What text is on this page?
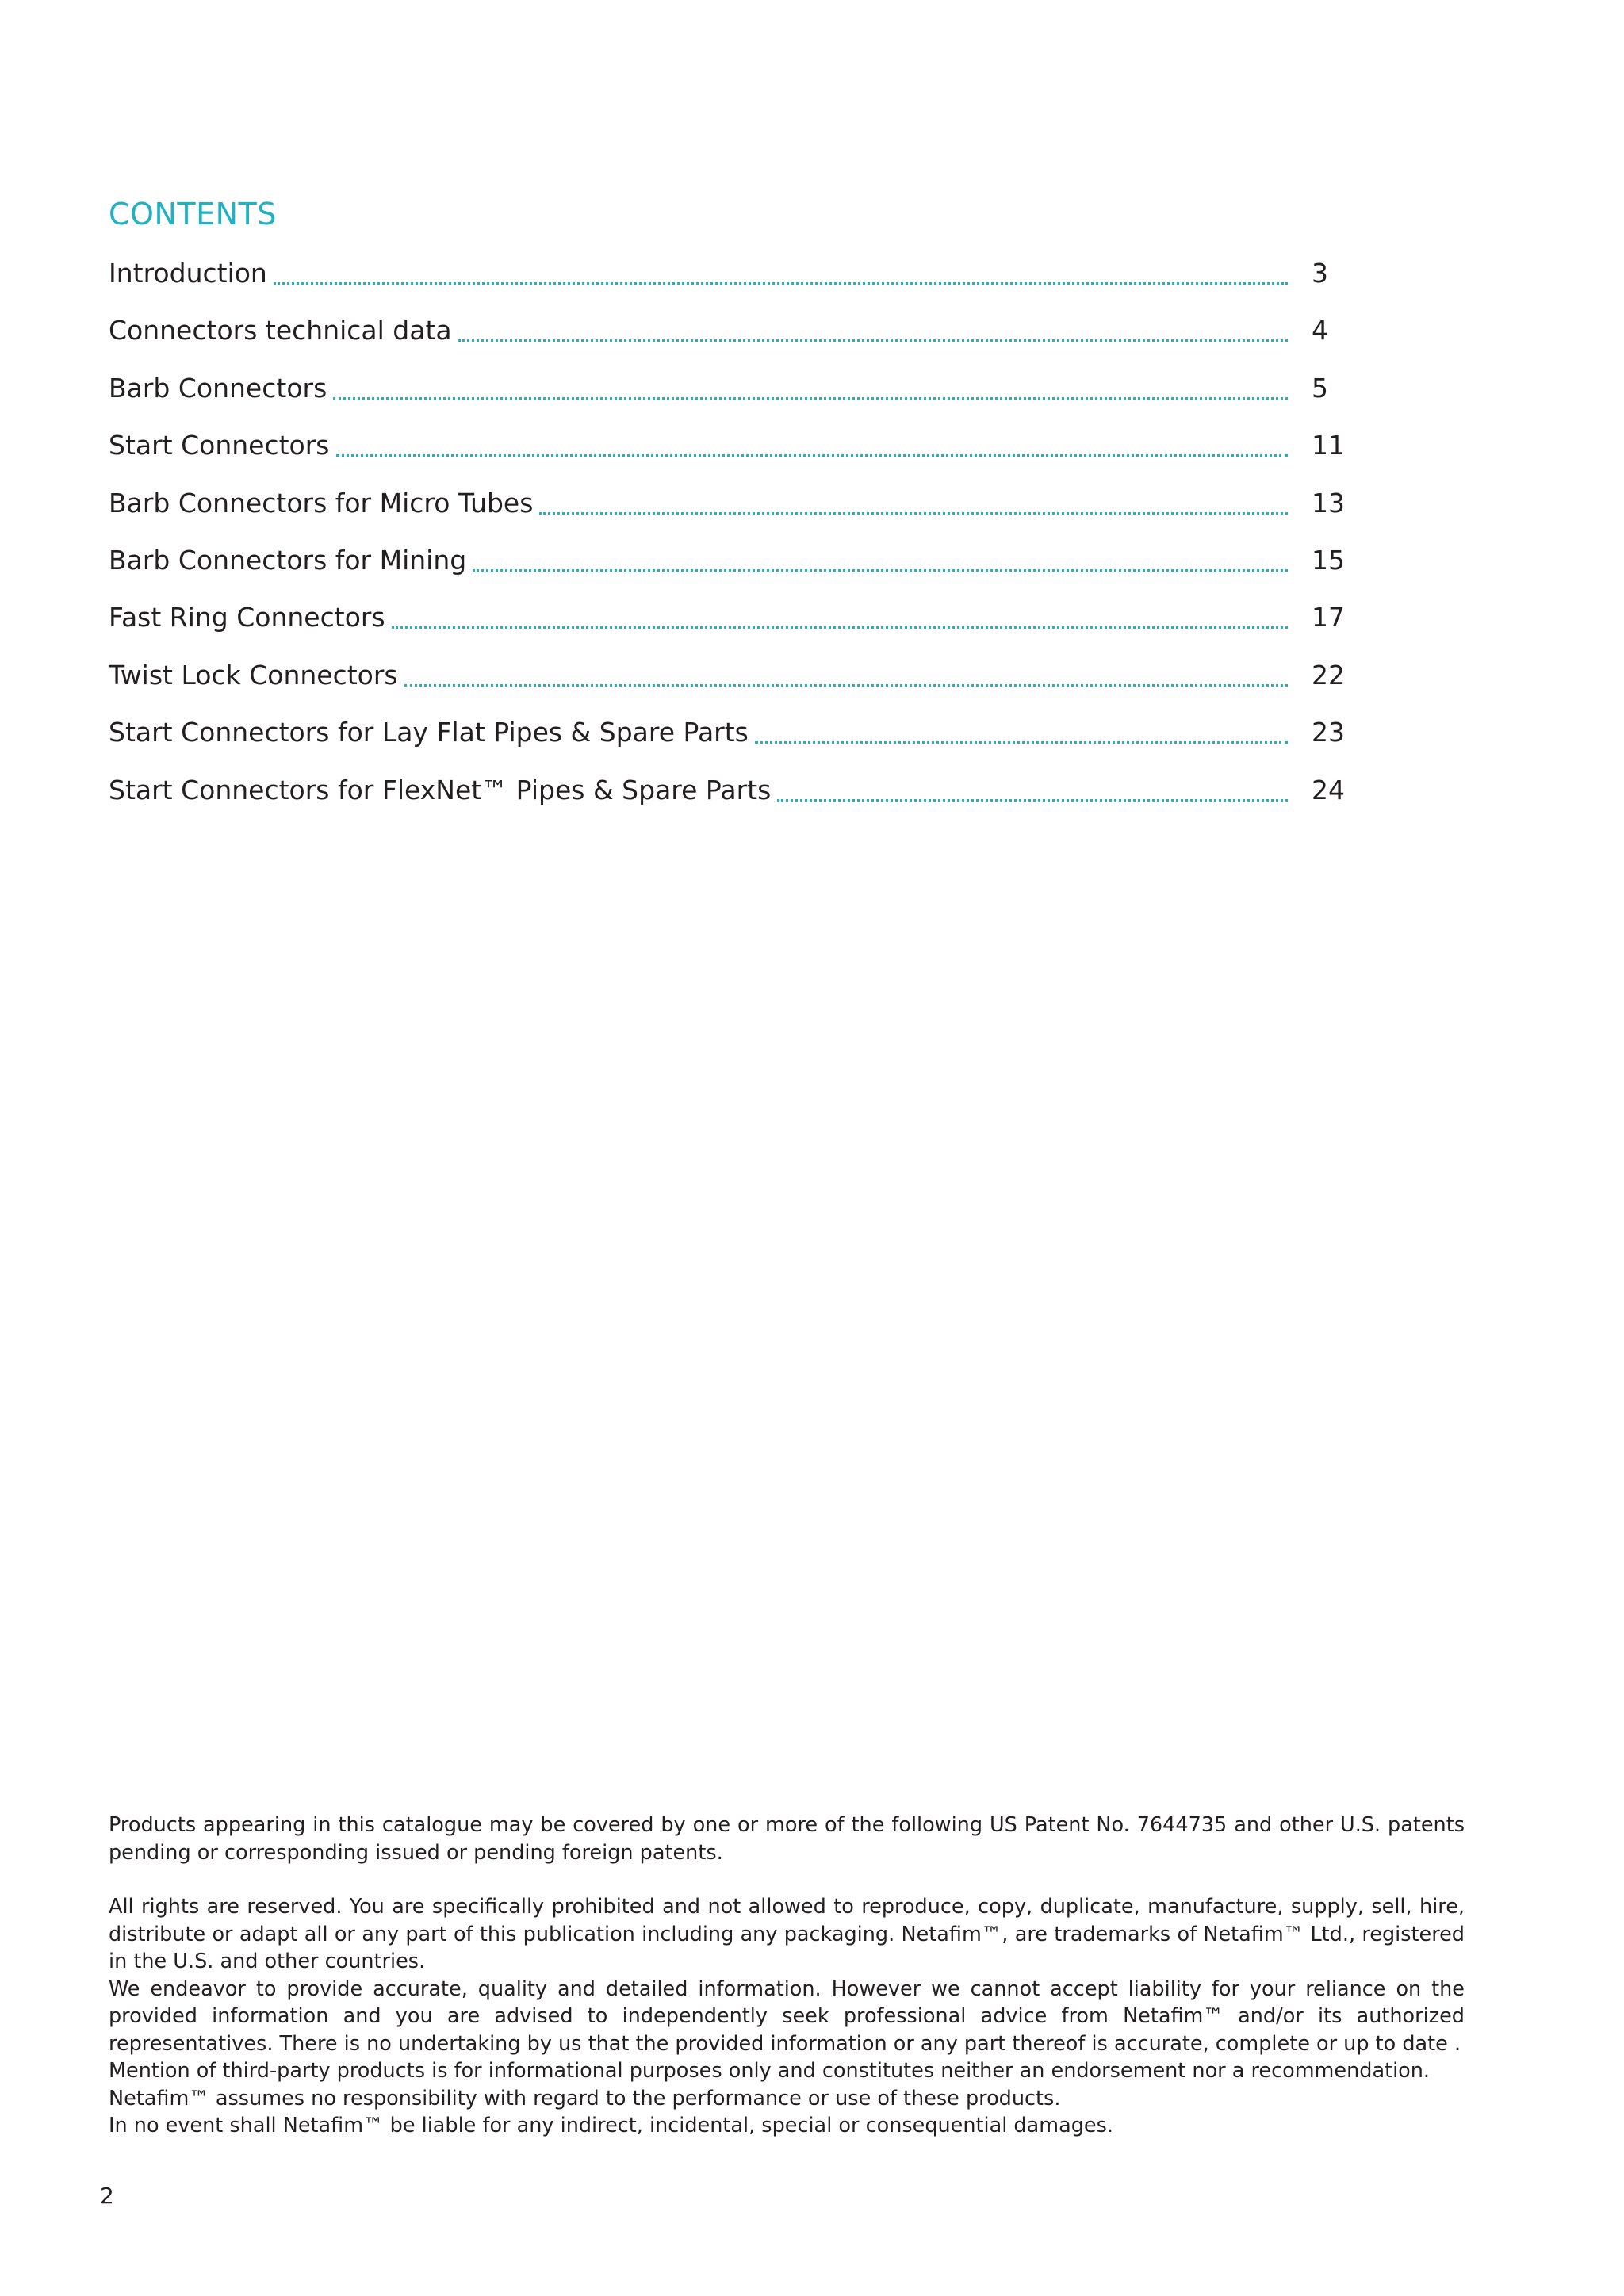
CONTENTS
Introduction	3
Connectors technical data	4
Barb Connectors	5
Start Connectors	11
Barb Connectors for Micro Tubes	13
Barb Connectors for Mining	15
Fast Ring Connectors	17
Twist Lock Connectors	22
Start Connectors for Lay Flat Pipes & Spare Parts	23
Start Connectors for FlexNet™ Pipes & Spare Parts	24

Products appearing in this catalogue may be covered by one or more of the following US Patent No. 7644735 and other U.S. patents pending or corresponding issued or pending foreign patents.

All rights are reserved. You are specifically prohibited and not allowed to reproduce, copy, duplicate, manufacture, supply, sell, hire, distribute or adapt all or any part of this publication including any packaging. Netafim™, are trademarks of Netafim™ Ltd., registered in the U.S. and other countries.

We endeavor to provide accurate, quality and detailed information. However we cannot accept liability for your reliance on the provided information and you are advised to independently seek professional advice from Netafim™ and/or its authorized representatives. There is no undertaking by us that the provided information or any part thereof is accurate, complete or up to date .

Mention of third-party products is for informational purposes only and constitutes neither an endorsement nor a recommendation.

Netafim™ assumes no responsibility with regard to the performance or use of these products.

In no event shall Netafim™ be liable for any indirect, incidental, special or consequential damages.

2
